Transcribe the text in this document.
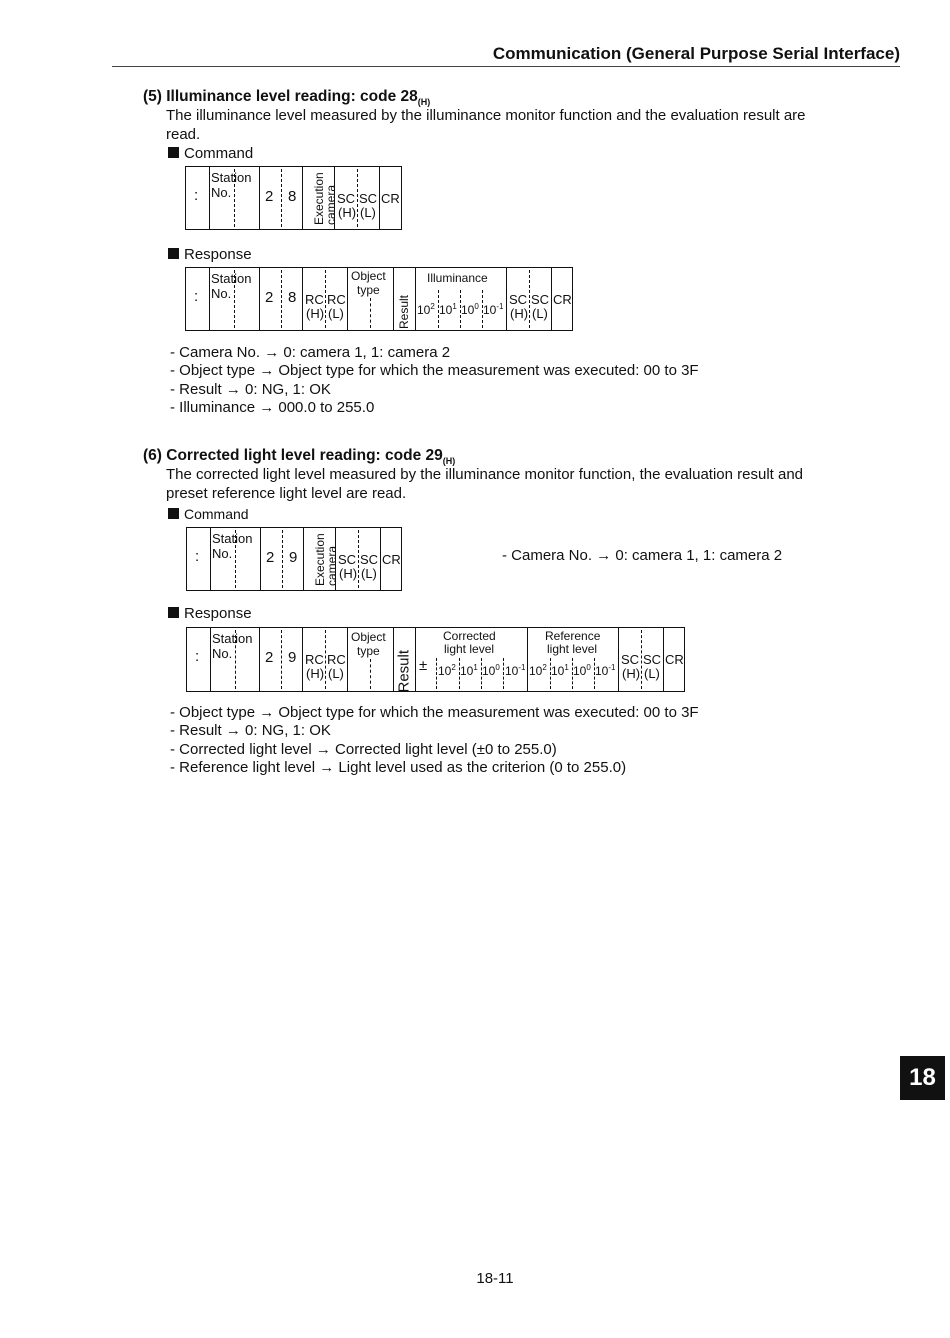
Communication (General Purpose Serial Interface)
(5) Illuminance level reading: code $28_{(H)}$
The illuminance level measured by the illuminance monitor function and the evaluation result are
read.
Command
:
Station
No. 2 8 Execution
camera SC
(H)
SC
(L)
CR
Response
:
Station
No. 2 8 RC
(H)
RC
(L)
Object
type
Result
Illuminance
$10^2$ $10^1$ $10^0$ $10^{-1}$ SC
(H)
SC
(L)
CR
- Camera No. → 0: camera 1, 1: camera 2
- Object type → Object type for which the measurement was executed: 00 to 3F
- Result → 0: NG, 1: OK
- Illuminance → 000.0 to 255.0
(6) Corrected light level reading: code $29_{(H)}$
The corrected light level measured by the illuminance monitor function, the evaluation result and
preset reference light level are read.
Command
:
Station
No. 2 9 Execution
camera SC
(H)
SC
(L)
CR	- Camera No. → 0: camera 1, 1: camera 2
Response
:
Station
No. 2 9 RC
(H)
RC
(L)
Object
type Result
Corrected
light level
± $10^2$ $10^1$ $10^0$ $10^{-1}$
Reference
light level
$10^2$ $10^1$ $10^0$ $10^{-1}$
SC
(H)
SC
(L)
CR
- Object type → Object type for which the measurement was executed: 00 to 3F
- Result → 0: NG, 1: OK
- Corrected light level → Corrected light level (±0 to 255.0)
- Reference light level → Light level used as the criterion (0 to 255.0)
18
18-11
